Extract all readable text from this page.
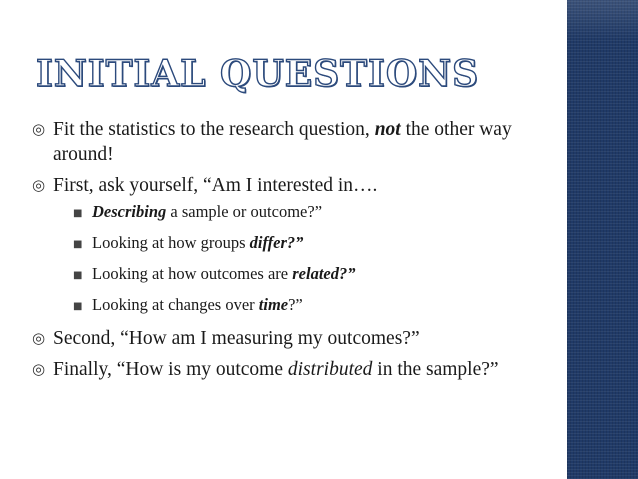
INITIAL QUESTIONS
◎ Fit the statistics to the research question, not the other way around!
◎ First, ask yourself, “Am I interested in….
■ Describing a sample or outcome?”
■ Looking at how groups differ?”
■ Looking at how outcomes are related?”
■ Looking at changes over time?”
◎ Second, “How am I measuring my outcomes?”
◎ Finally, “How is my outcome distributed in the sample?”
